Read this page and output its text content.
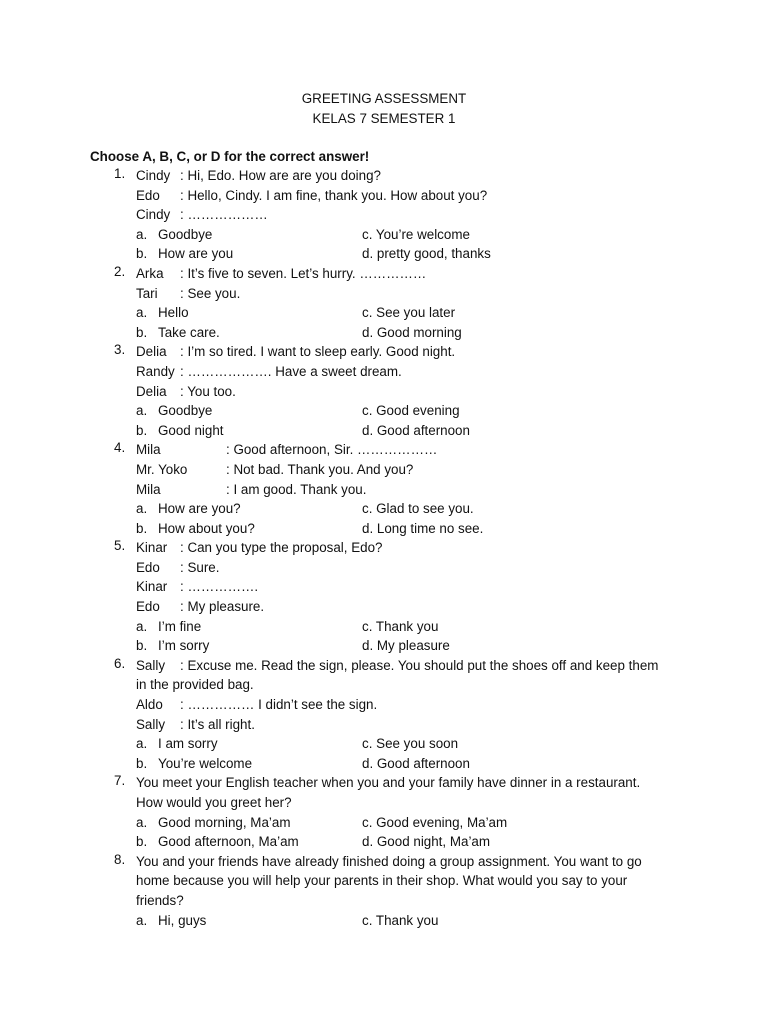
GREETING ASSESSMENT
KELAS 7 SEMESTER 1
Choose A, B, C, or D for the correct answer!
1. Cindy : Hi, Edo. How are are you doing?
Edo : Hello, Cindy. I am fine, thank you. How about you?
Cindy : ………………
a. Goodbye	c. You’re welcome
b. How are you	d. pretty good, thanks
2. Arka : It’s five to seven. Let’s hurry. ……………
Tari : See you.
a. Hello	c. See you later
b. Take care.	d. Good morning
3. Delia : I’m so tired. I want to sleep early. Good night.
Randy : ………………. Have a sweet dream.
Delia : You too.
a. Goodbye	c. Good evening
b. Good night	d. Good afternoon
4. Mila	: Good afternoon, Sir. ………………
Mr. Yoko	: Not bad. Thank you. And you?
Mila	: I am good. Thank you.
a. How are you?	c. Glad to see you.
b. How about you?	d. Long time no see.
5. Kinar : Can you type the proposal, Edo?
Edo : Sure.
Kinar : …………….
Edo : My pleasure.
a. I’m fine	c. Thank you
b. I’m sorry	d. My pleasure
6. Sally : Excuse me. Read the sign, please. You should put the shoes off and keep them
in the provided bag.
Aldo : …………… I didn’t see the sign.
Sally : It’s all right.
a. I am sorry	c. See you soon
b. You’re welcome	d. Good afternoon
7. You meet your English teacher when you and your family have dinner in a restaurant.
How would you greet her?
a. Good morning, Ma’am	c. Good evening, Ma’am
b. Good afternoon, Ma’am	d. Good night, Ma’am
8. You and your friends have already finished doing a group assignment. You want to go
home because you will help your parents in their shop. What would you say to your
friends?
a. Hi, guys	c. Thank you
